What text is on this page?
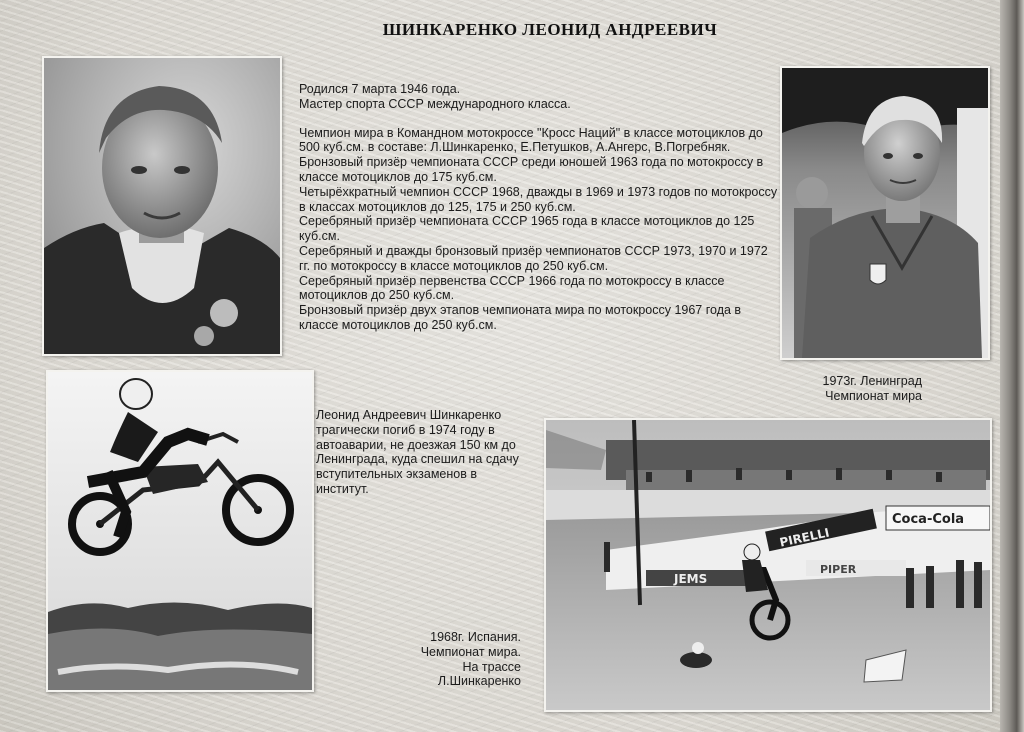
ШИНКАРЕНКО ЛЕОНИД АНДРЕЕВИЧ

Родился 7 марта 1946 года.

Мастер спорта СССР международного класса.

Чемпион мира в Командном мотокроссе "Кросс Наций" в классе мотоциклов до 500 куб.см. в составе: Л.Шинкаренко, Е.Петушков, А.Ангерс, В.Погребняк.

Бронзовый призёр чемпионата СССР среди юношей 1963 года по мотокроссу в классе мотоциклов до 175 куб.см.

Четырёхкратный чемпион СССР 1968, дважды в 1969 и 1973 годов по мотокроссу в классах мотоциклов до 125, 175 и 250 куб.см.

Серебряный призёр чемпионата СССР 1965 года в классе мотоциклов до 125 куб.см.

Серебряный и дважды бронзовый призёр чемпионатов СССР 1973, 1970 и 1972 гг. по мотокроссу в классе мотоциклов до 250 куб.см.

Серебряный призёр первенства СССР 1966 года по мотокроссу в классе мотоциклов до 250 куб.см.

Бронзовый призёр двух этапов чемпионата мира по мотокроссу 1967 года в классе мотоциклов до 250 куб.см.

1973г. Ленинград
Чемпионат мира
Леонид Андреевич Шинкаренко трагически погиб в 1974 году в автоаварии, не доезжая 150 км до Ленинграда, куда спешил на сдачу вступительных экзаменов в институт.
1968г. Испания.
Чемпионат мира.
На трассе
Л.Шинкаренко
Coca-Cola
PIRELLI
JEMS
PIPER
